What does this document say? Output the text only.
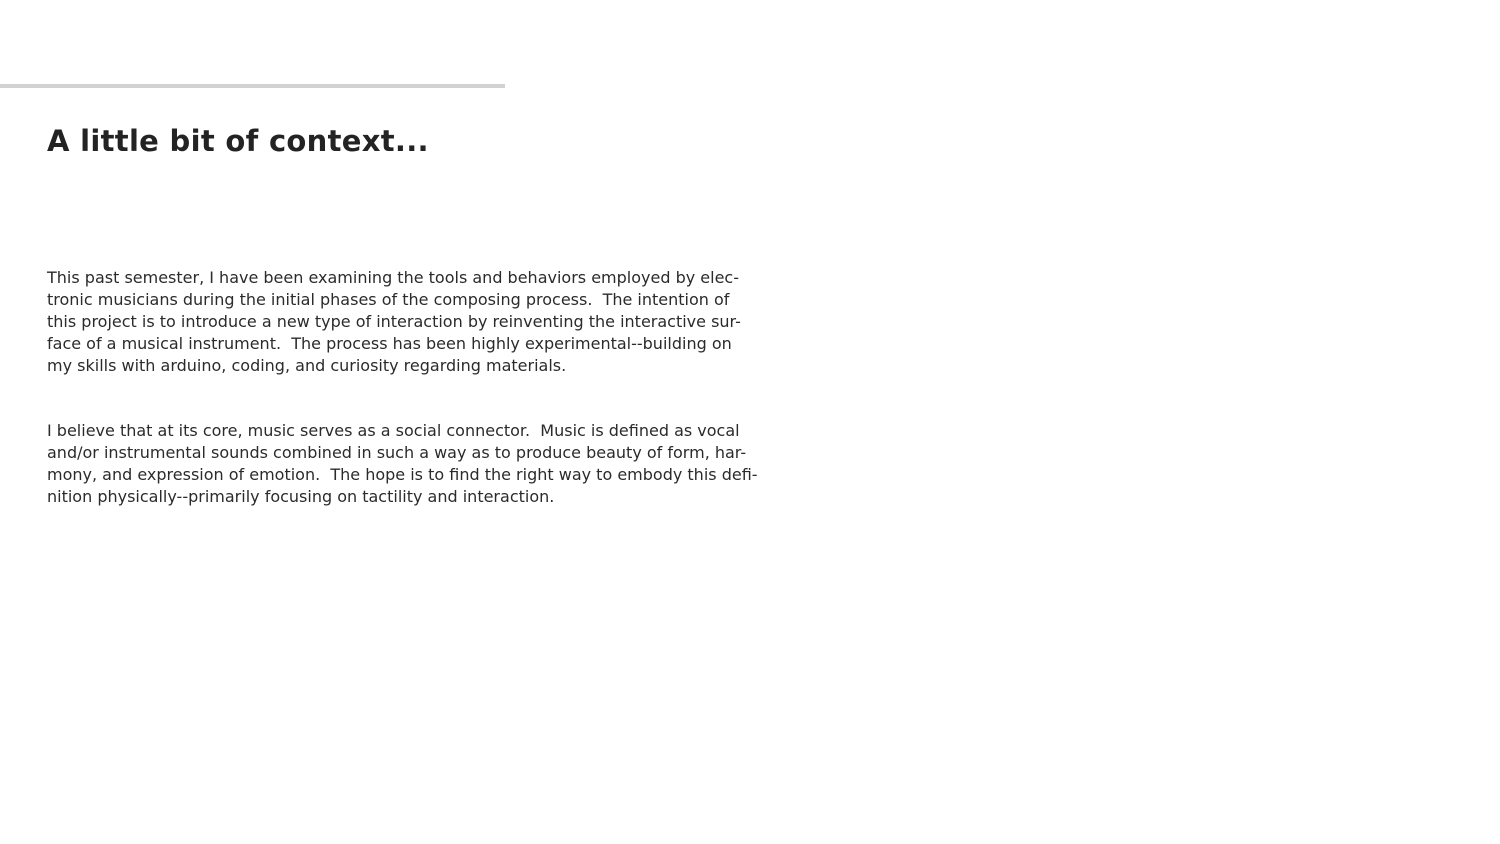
A little bit of context...
This past semester, I have been examining the tools and behaviors employed by elec-
tronic musicians during the initial phases of the composing process.  The intention of
this project is to introduce a new type of interaction by reinventing the interactive sur-
face of a musical instrument.  The process has been highly experimental--building on
my skills with arduino, coding, and curiosity regarding materials.
I believe that at its core, music serves as a social connector.  Music is defined as vocal
and/or instrumental sounds combined in such a way as to produce beauty of form, har-
mony, and expression of emotion.  The hope is to find the right way to embody this defi-
nition physically--primarily focusing on tactility and interaction.
